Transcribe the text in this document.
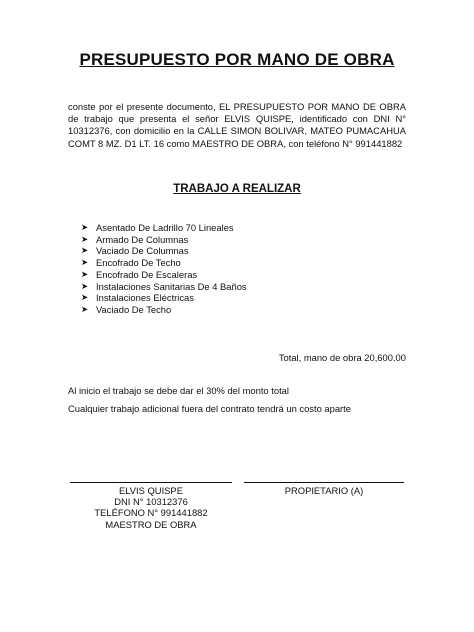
PRESUPUESTO POR MANO DE OBRA
conste por el presente documento, EL PRESUPUESTO POR MANO DE OBRA de trabajo que presenta el señor ELVIS QUISPE, identificado con DNI N° 10312376, con domicilio en la CALLE SIMON BOLIVAR, MATEO PUMACAHUA COMT 8 MZ. D1 LT. 16 como MAESTRO DE OBRA, con teléfono N° 991441882
TRABAJO A REALIZAR
➤ Asentado De Ladrillo 70 Lineales
➤ Armado De Columnas
➤ Vaciado De Columnas
➤ Encofrado De Techo
➤ Encofrado De Escaleras
➤ Instalaciones Sanitarias De 4 Baños
➤ Instalaciones Eléctricas
➤ Vaciado De Techo
Total, mano de obra 20,600.00
Al inicio el trabajo se debe dar el 30% del monto total
Cualquier trabajo adicional fuera del contrato tendrá un costo aparte
ELVIS QUISPE
DNI N° 10312376
TELÉFONO N° 991441882
MAESTRO DE OBRA
PROPIETARIO (A)
